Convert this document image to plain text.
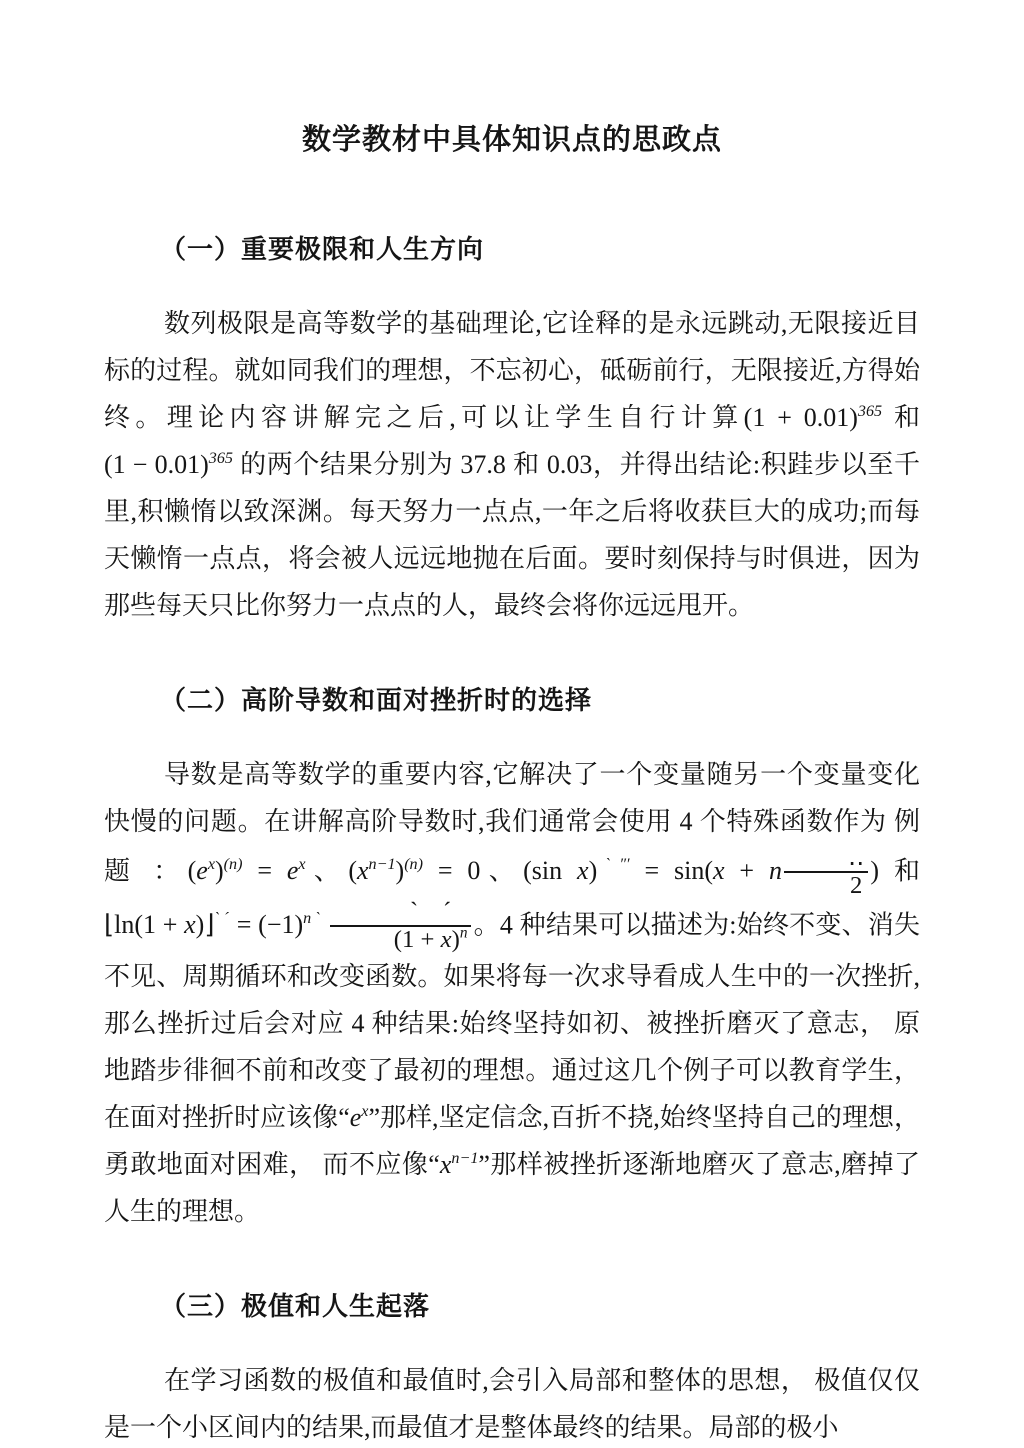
数学教材中具体知识点的思政点
（一）重要极限和人生方向

数列极限是高等数学的基础理论,它诠释的是永远跳动,无限接近目标的过程。就如同我们的理想，不忘初心，砥砺前行，无限接近,方得始终。理论内容讲解完之后,可以让学生自行计算$(1 + 0.01)^{365}$ 和 $(1 - 0.01)^{365}$ 的两个结果分别为 37.8 和 0.03，并得出结论:积跬步以至千里,积懒惰以致深渊。每天努力一点点,一年之后将收获巨大的成功;而每天懒惰一点点，将会被人远远地抛在后面。要时刻保持与时俱进，因为那些每天只比你努力一点点的人，最终会将你远远甩开。

（二）高阶导数和面对挫折时的选择

导数是高等数学的重要内容,它解决了一个变量随另一个变量变化快慢的问题。在讲解高阶导数时,我们通常会使用 4 个特殊函数作为 例 题 ：$(e^x)^{(n)} = e^x$、$(x^{n-1})^{(n)} = 0$、(sin x)$^{ˋ'''}$ = sin(x + n $\frac{‥}{2}$ ) 和 ⌊ln(1 + x)⌋$^{ˋ ˊ}$ = $(-1)^{n ˋ} \frac{\text{ˋ ˊ}}{(1 + x)^n}$ 。4 种结果可以描述为:始终不变、消失不见、周期循环和改变函数。如果将每一次求导看成人生中的一次挫折,那么挫折过后会对应 4 种结果:始终坚持如初、被挫折磨灭了意志， 原地踏步徘徊不前和改变了最初的理想。通过这几个例子可以教育学生，在面对挫折时应该像“$e^x$”那样,坚定信念,百折不挠,始终坚持自己的理想， 勇敢地面对困难， 而不应像“$x^{n-1}$”那样被挫折逐渐地磨灭了意志,磨掉了人生的理想。

（三）极值和人生起落

在学习函数的极值和最值时,会引入局部和整体的思想， 极值仅仅是一个小区间内的结果,而最值才是整体最终的结果。局部的极小
